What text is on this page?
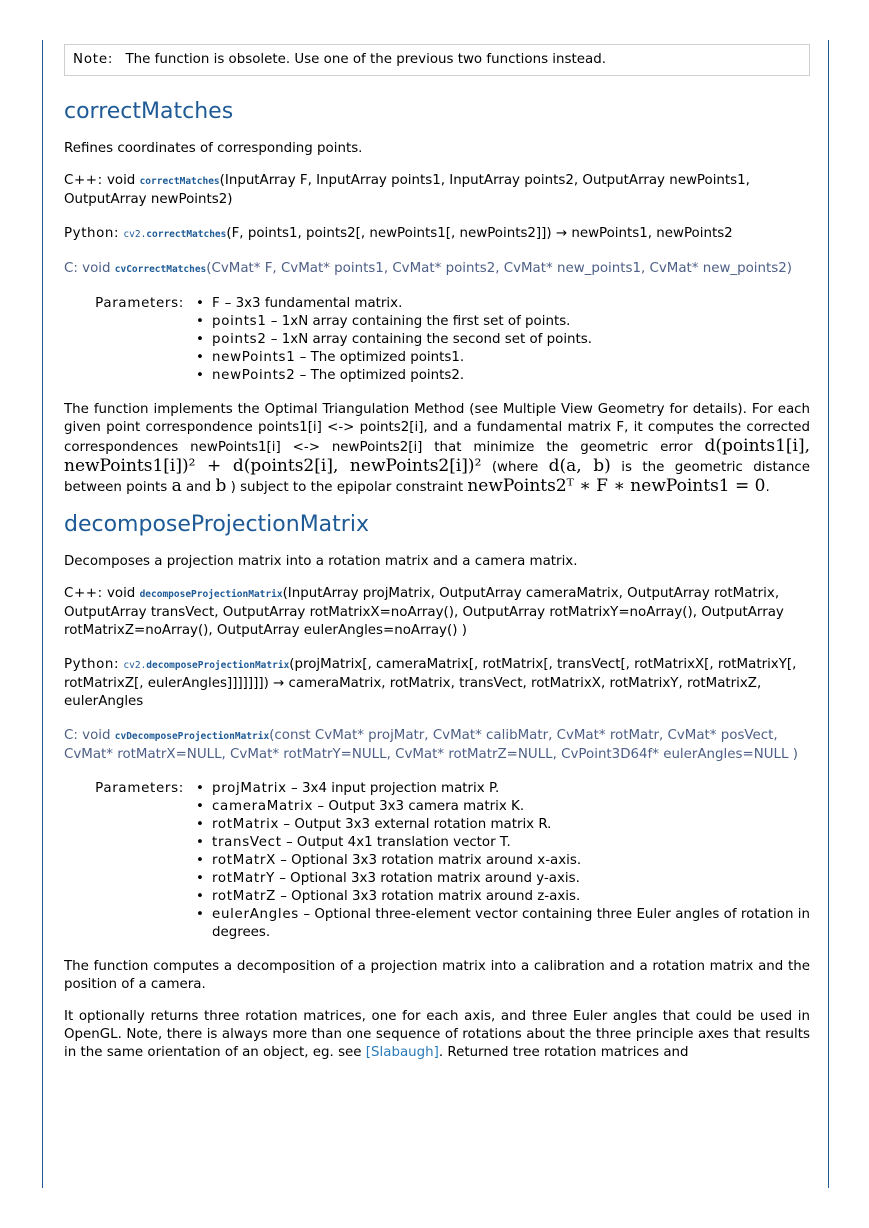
Note: The function is obsolete. Use one of the previous two functions instead.
correctMatches

Refines coordinates of corresponding points.

C++: void correctMatches(InputArray F, InputArray points1, InputArray points2, OutputArray newPoints1, OutputArray newPoints2)
Python: cv2.correctMatches(F, points1, points2[, newPoints1[, newPoints2]]) → newPoints1, newPoints2
C: void cvCorrectMatches(CvMat* F, CvMat* points1, CvMat* points2, CvMat* new_points1, CvMat* new_points2)
Parameters:	• F – 3x3 fundamental matrix.
• points1 – 1xN array containing the first set of points.
• points2 – 1xN array containing the second set of points.
• newPoints1 – The optimized points1.
• newPoints2 – The optimized points2.

The function implements the Optimal Triangulation Method (see Multiple View Geometry for details). For each given point correspondence points1[i] <-> points2[i], and a fundamental matrix F, it computes the corrected correspondences newPoints1[i] <-> newPoints2[i] that minimize the geometric error d(points1[i], newPoints1[i])² + d(points2[i], newPoints2[i])² (where d(a, b) is the geometric distance between points a and b ) subject to the epipolar constraint newPoints2ᵀ ∗ F ∗ newPoints1 = 0.

decomposeProjectionMatrix

Decomposes a projection matrix into a rotation matrix and a camera matrix.

C++: void decomposeProjectionMatrix(InputArray projMatrix, OutputArray cameraMatrix, OutputArray rotMatrix, OutputArray transVect, OutputArray rotMatrixX=noArray(), OutputArray rotMatrixY=noArray(), OutputArray rotMatrixZ=noArray(), OutputArray eulerAngles=noArray() )
Python: cv2.decomposeProjectionMatrix(projMatrix[, cameraMatrix[, rotMatrix[, transVect[, rotMatrixX[, rotMatrixY[, rotMatrixZ[, eulerAngles]]]]]]]) → cameraMatrix, rotMatrix, transVect, rotMatrixX, rotMatrixY, rotMatrixZ, eulerAngles
C: void cvDecomposeProjectionMatrix(const CvMat* projMatr, CvMat* calibMatr, CvMat* rotMatr, CvMat* posVect, CvMat* rotMatrX=NULL, CvMat* rotMatrY=NULL, CvMat* rotMatrZ=NULL, CvPoint3D64f* eulerAngles=NULL )
Parameters:	• projMatrix – 3x4 input projection matrix P.
• cameraMatrix – Output 3x3 camera matrix K.
• rotMatrix – Output 3x3 external rotation matrix R.
• transVect – Output 4x1 translation vector T.
• rotMatrX – Optional 3x3 rotation matrix around x-axis.
• rotMatrY – Optional 3x3 rotation matrix around y-axis.
• rotMatrZ – Optional 3x3 rotation matrix around z-axis.
• eulerAngles – Optional three-element vector containing three Euler angles of rotation in degrees.

The function computes a decomposition of a projection matrix into a calibration and a rotation matrix and the position of a camera.

It optionally returns three rotation matrices, one for each axis, and three Euler angles that could be used in OpenGL. Note, there is always more than one sequence of rotations about the three principle axes that results in the same orientation of an object, eg. see [Slabaugh]. Returned tree rotation matrices and
